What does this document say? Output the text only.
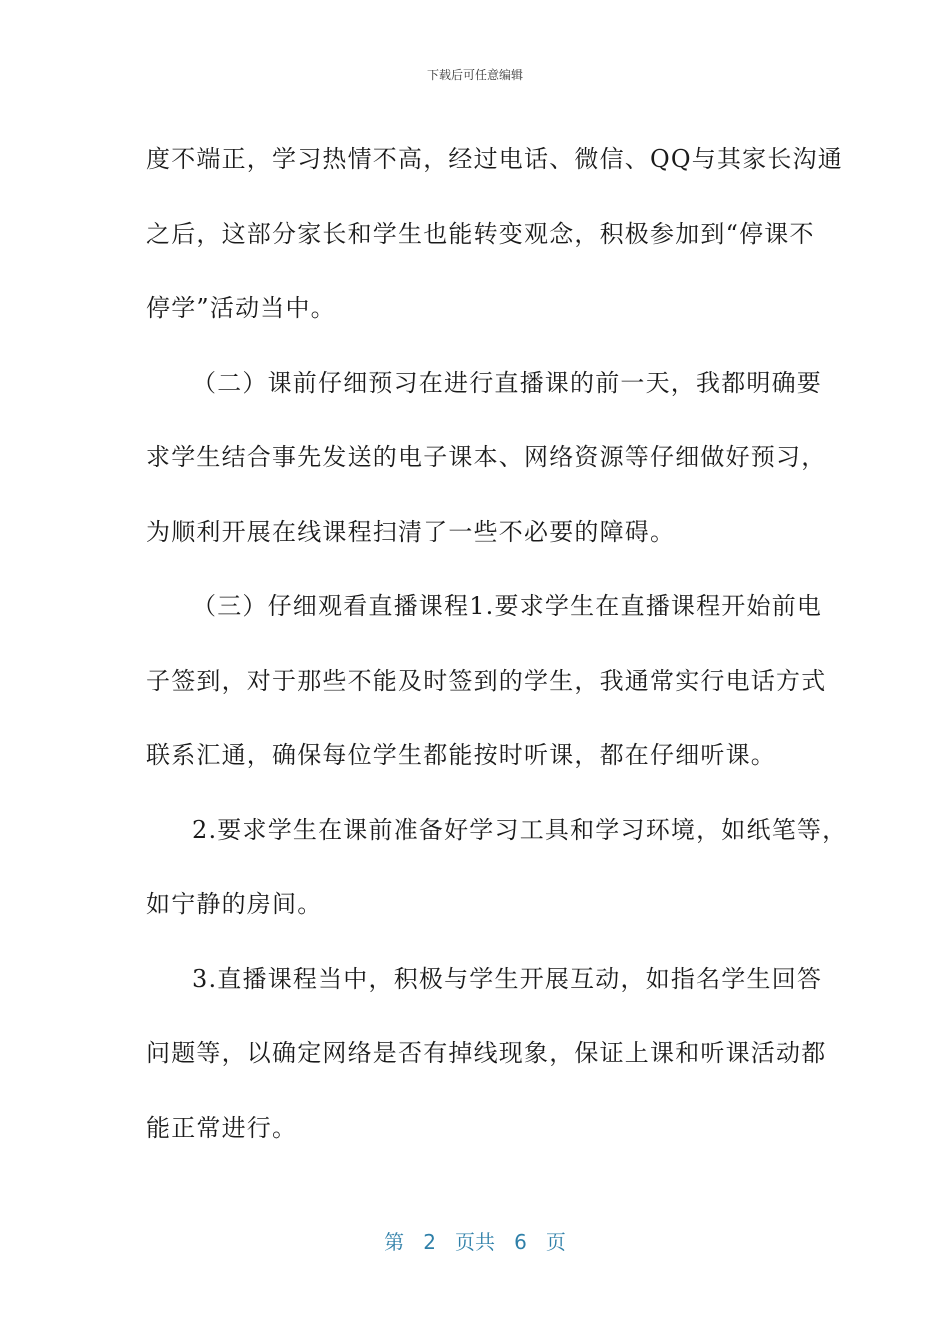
下载后可任意编辑
度不端正，学习热情不高，经过电话、微信、QQ与其家长沟通
之后，这部分家长和学生也能转变观念，积极参加到“停课不
停学”活动当中。
（二）课前仔细预习在进行直播课的前一天，我都明确要
求学生结合事先发送的电子课本、网络资源等仔细做好预习，
为顺利开展在线课程扫清了一些不必要的障碍。
（三）仔细观看直播课程1.要求学生在直播课程开始前电
子签到，对于那些不能及时签到的学生，我通常实行电话方式
联系汇通，确保每位学生都能按时听课，都在仔细听课。
2.要求学生在课前准备好学习工具和学习环境，如纸笔等，
如宁静的房间。
3.直播课程当中，积极与学生开展互动，如指名学生回答
问题等，以确定网络是否有掉线现象，保证上课和听课活动都
能正常进行。
第 2 页共 6 页
